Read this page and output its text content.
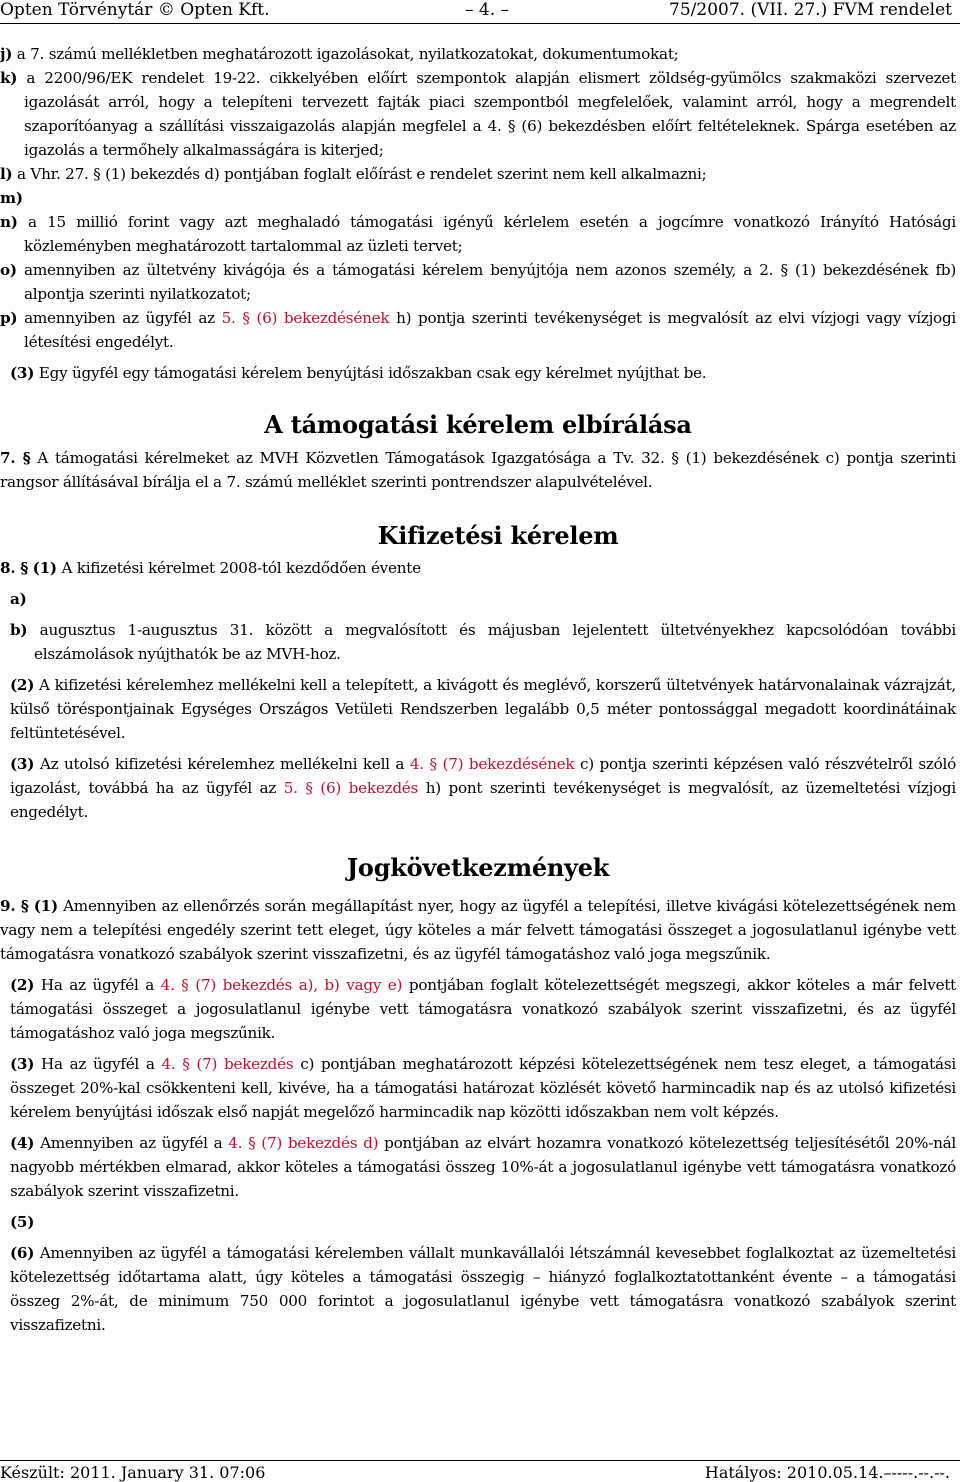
Opten Törvénytár © Opten Kft.	– 4. –	75/2007. (VII. 27.) FVM rendelet

j) a 7. számú mellékletben meghatározott igazolásokat, nyilatkozatokat, dokumentumokat;

k) a 2200/96/EK rendelet 19-22. cikkelyében előírt szempontok alapján elismert zöldség-gyümölcs szakmaközi szervezet igazolását arról, hogy a telepíteni tervezett fajták piaci szempontból megfelelőek, valamint arról, hogy a megrendelt szaporítóanyag a szállítási visszaigazolás alapján megfelel a 4. § (6) bekezdésben előírt feltételeknek. Spárga esetében az igazolás a termőhely alkalmasságára is kiterjed;

l) a Vhr. 27. § (1) bekezdés d) pontjában foglalt előírást e rendelet szerint nem kell alkalmazni;

m)

n) a 15 millió forint vagy azt meghaladó támogatási igényű kérlelem esetén a jogcímre vonatkozó Irányító Hatósági közleményben meghatározott tartalommal az üzleti tervet;

o) amennyiben az ültetvény kivágója és a támogatási kérelem benyújtója nem azonos személy, a 2. § (1) bekezdésének fb) alpontja szerinti nyilatkozatot;

p) amennyiben az ügyfél az 5. § (6) bekezdésének h) pontja szerinti tevékenységet is megvalósít az elvi vízjogi vagy vízjogi létesítési engedélyt.

(3) Egy ügyfél egy támogatási kérelem benyújtási időszakban csak egy kérelmet nyújthat be.

A támogatási kérelem elbírálása

7. § A támogatási kérelmeket az MVH Közvetlen Támogatások Igazgatósága a Tv. 32. § (1) bekezdésének c) pontja szerinti rangsor állításával bírálja el a 7. számú melléklet szerinti pontrendszer alapulvételével.

Kifizetési kérelem

8. § (1) A kifizetési kérelmet 2008-tól kezdődően évente

a)

b) augusztus 1-augusztus 31. között a megvalósított és májusban lejelentett ültetvényekhez kapcsolódóan további elszámolások nyújthatók be az MVH-hoz.

(2) A kifizetési kérelemhez mellékelni kell a telepített, a kivágott és meglévő, korszerű ültetvények határvonalainak vázrajzát, külső töréspontjainak Egységes Országos Vetületi Rendszerben legalább 0,5 méter pontossággal megadott koordinátáinak feltüntetésével.

(3) Az utolsó kifizetési kérelemhez mellékelni kell a 4. § (7) bekezdésének c) pontja szerinti képzésen való részvételről szóló igazolást, továbbá ha az ügyfél az 5. § (6) bekezdés h) pont szerinti tevékenységet is megvalósít, az üzemeltetési vízjogi engedélyt.

Jogkövetkezmények

9. § (1) Amennyiben az ellenőrzés során megállapítást nyer, hogy az ügyfél a telepítési, illetve kivágási kötelezettségének nem vagy nem a telepítési engedély szerint tett eleget, úgy köteles a már felvett támogatási összeget a jogosulatlanul igénybe vett támogatásra vonatkozó szabályok szerint visszafizetni, és az ügyfél támogatáshoz való joga megszűnik.

(2) Ha az ügyfél a 4. § (7) bekezdés a), b) vagy e) pontjában foglalt kötelezettségét megszegi, akkor köteles a már felvett támogatási összeget a jogosulatlanul igénybe vett támogatásra vonatkozó szabályok szerint visszafizetni, és az ügyfél támogatáshoz való joga megszűnik.

(3) Ha az ügyfél a 4. § (7) bekezdés c) pontjában meghatározott képzési kötelezettségének nem tesz eleget, a támogatási összeget 20%-kal csökkenteni kell, kivéve, ha a támogatási határozat közlését követő harmincadik nap és az utolsó kifizetési kérelem benyújtási időszak első napját megelőző harmincadik nap közötti időszakban nem volt képzés.

(4) Amennyiben az ügyfél a 4. § (7) bekezdés d) pontjában az elvárt hozamra vonatkozó kötelezettség teljesítésétől 20%-nál nagyobb mértékben elmarad, akkor köteles a támogatási összeg 10%-át a jogosulatlanul igénybe vett támogatásra vonatkozó szabályok szerint visszafizetni.

(5)

(6) Amennyiben az ügyfél a támogatási kérelemben vállalt munkavállalói létszámnál kevesebbet foglalkoztat az üzemeltetési kötelezettség időtartama alatt, úgy köteles a támogatási összegig – hiányzó foglalkoztatottanként évente – a támogatási összeg 2%-át, de minimum 750 000 forintot a jogosulatlanul igénybe vett támogatásra vonatkozó szabályok szerint visszafizetni.

Készült: 2011. January 31. 07:06	Hatályos: 2010.05.14.–----.--.--.
